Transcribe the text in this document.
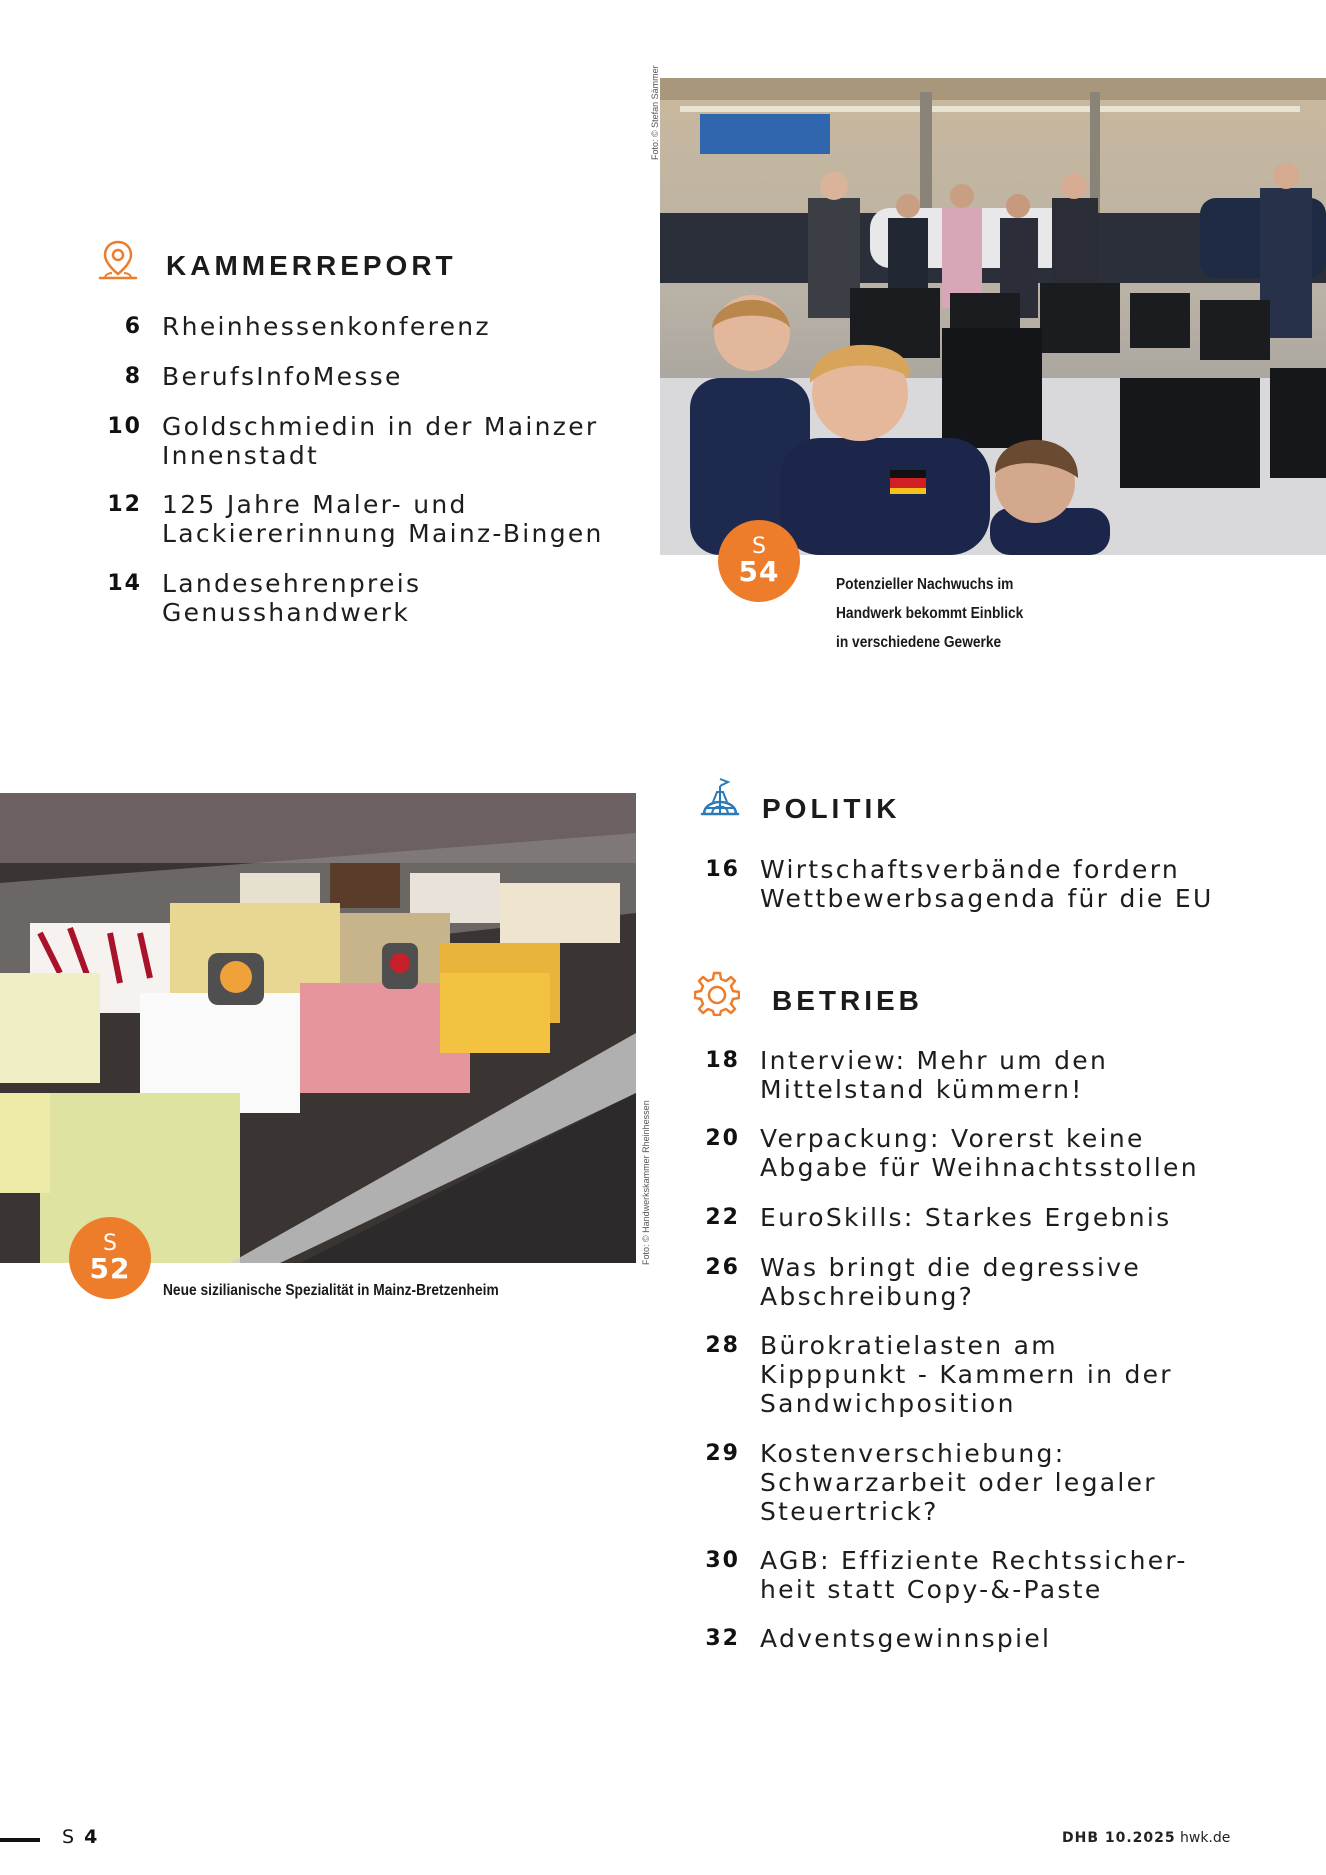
KAMMERREPORT
6 Rheinhessenkonferenz
8 BerufsInfoMesse
10 Goldschmiedin in der Mainzer
Innenstadt
12 125 Jahre Maler- und
Lackiererinnung Mainz-Bingen
14 Landesehrenpreis
Genusshandwerk
Foto: © Stefan Sämmer
S
54	Potenzieller Nachwuchs im
Handwerk bekommt Einblick
in verschiedene Gewerke
Foto: © Handwerkskammer Rheinhessen
S
52
Neue sizilianische Spezialität in Mainz-Bretzenheim
POLITIK
16 Wirtschaftsverbände fordern
Wettbewerbsagenda für die EU
BETRIEB
18 Interview: Mehr um den
Mittelstand kümmern!
20 Verpackung: Vorerst keine
Abgabe für Weihnachtsstollen
22 EuroSkills: Starkes Ergebnis
26 Was bringt die degressive
Abschreibung?
28 Bürokratielasten am
Kipppunkt - Kammern in der
Sandwichposition
29 Kostenverschiebung:
Schwarzarbeit oder legaler
Steuertrick?
30 AGB: Effiziente Rechtssicher-
heit statt Copy-&-Paste
32 Adventsgewinnspiel
S 4	DHB 10.2025 hwk.de
